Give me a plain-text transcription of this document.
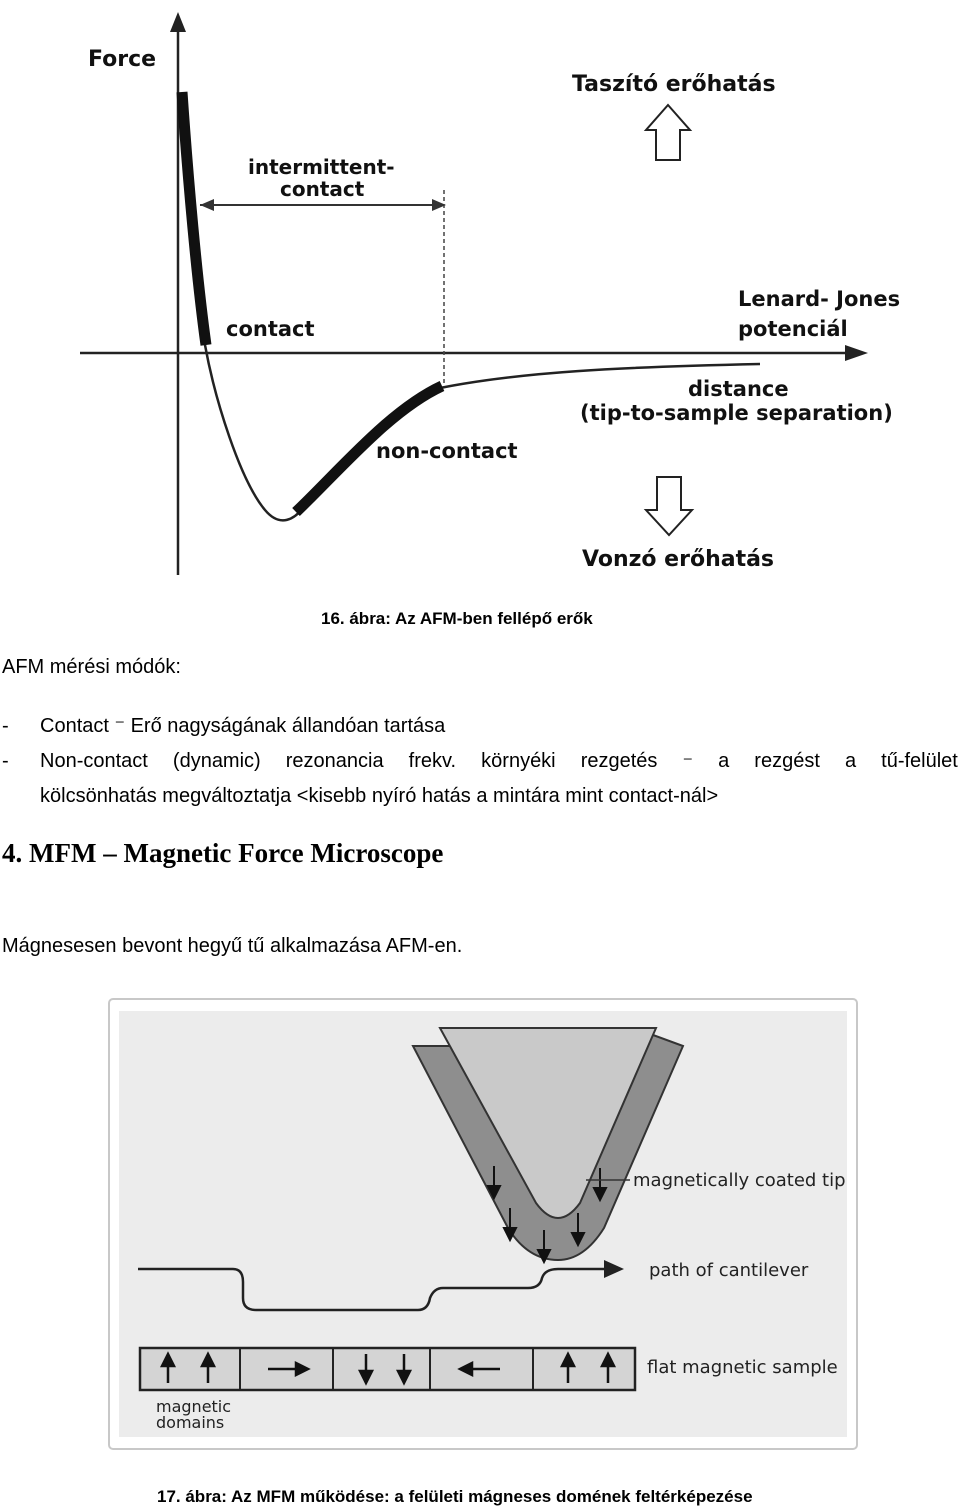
Force
intermittent-
contact
contact
non-contact
Taszító erőhatás
Lenard- Jones
potenciál
distance
(tip-to-sample separation)
Vonzó erőhatás
16. ábra: Az AFM-ben fellépő erők
AFM mérési módók:
- Contact ⁻ Erő nagyságának állandóan tartása
-	Non-contact (dynamic) rezonancia frekv. környéki rezgetés ⁻ a rezgést a tű-felület
kölcsönhatás megváltoztatja <kisebb nyíró hatás a mintára mint contact-nál>
4. MFM – Magnetic Force Microscope
Mágnesesen bevont hegyű tű alkalmazása AFM-en.
magnetically coated tip
path of cantilever
flat magnetic sample
magnetic
domains
17. ábra: Az MFM működése: a felületi mágneses domének feltérképezése
